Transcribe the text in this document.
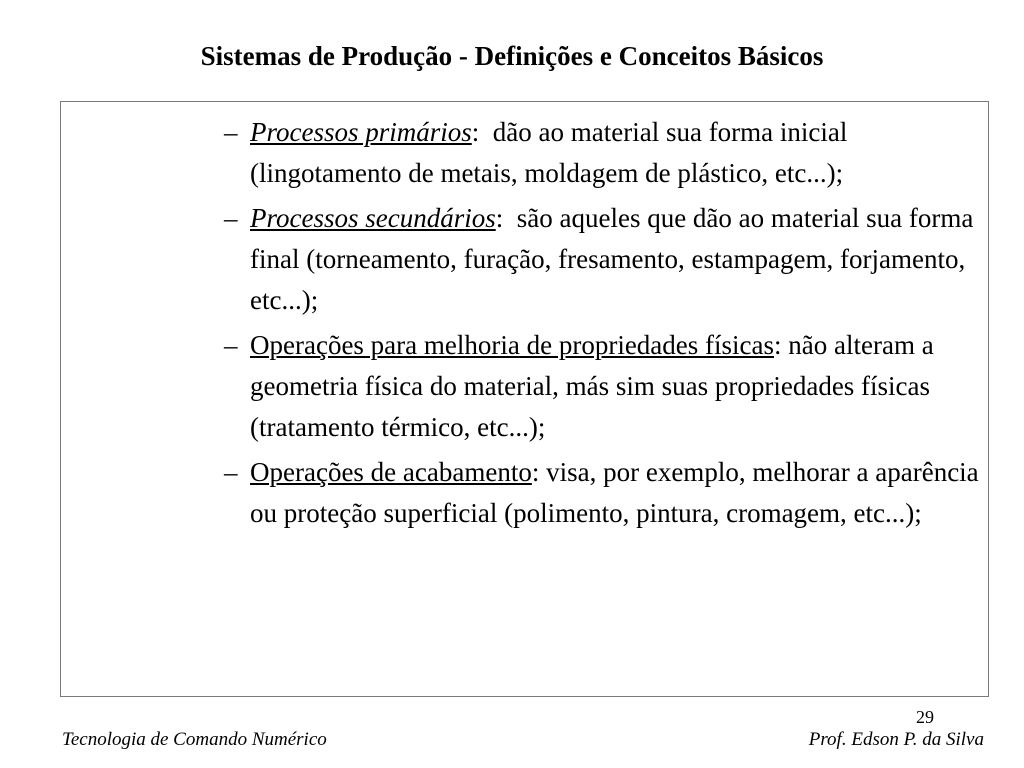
Sistemas de Produção - Definições e Conceitos Básicos
– Processos primários:  dão ao material sua forma inicial (lingotamento de metais, moldagem de plástico, etc...);
– Processos secundários:  são aqueles que dão ao material sua forma final (torneamento, furação, fresamento, estampagem, forjamento, etc...);
– Operações para melhoria de propriedades físicas: não alteram a geometria física do material, más sim suas propriedades físicas (tratamento térmico, etc...);
– Operações de acabamento: visa, por exemplo, melhorar a aparência ou proteção superficial (polimento, pintura, cromagem, etc...);
29
Tecnologia de Comando Numérico	Prof. Edson P. da Silva
